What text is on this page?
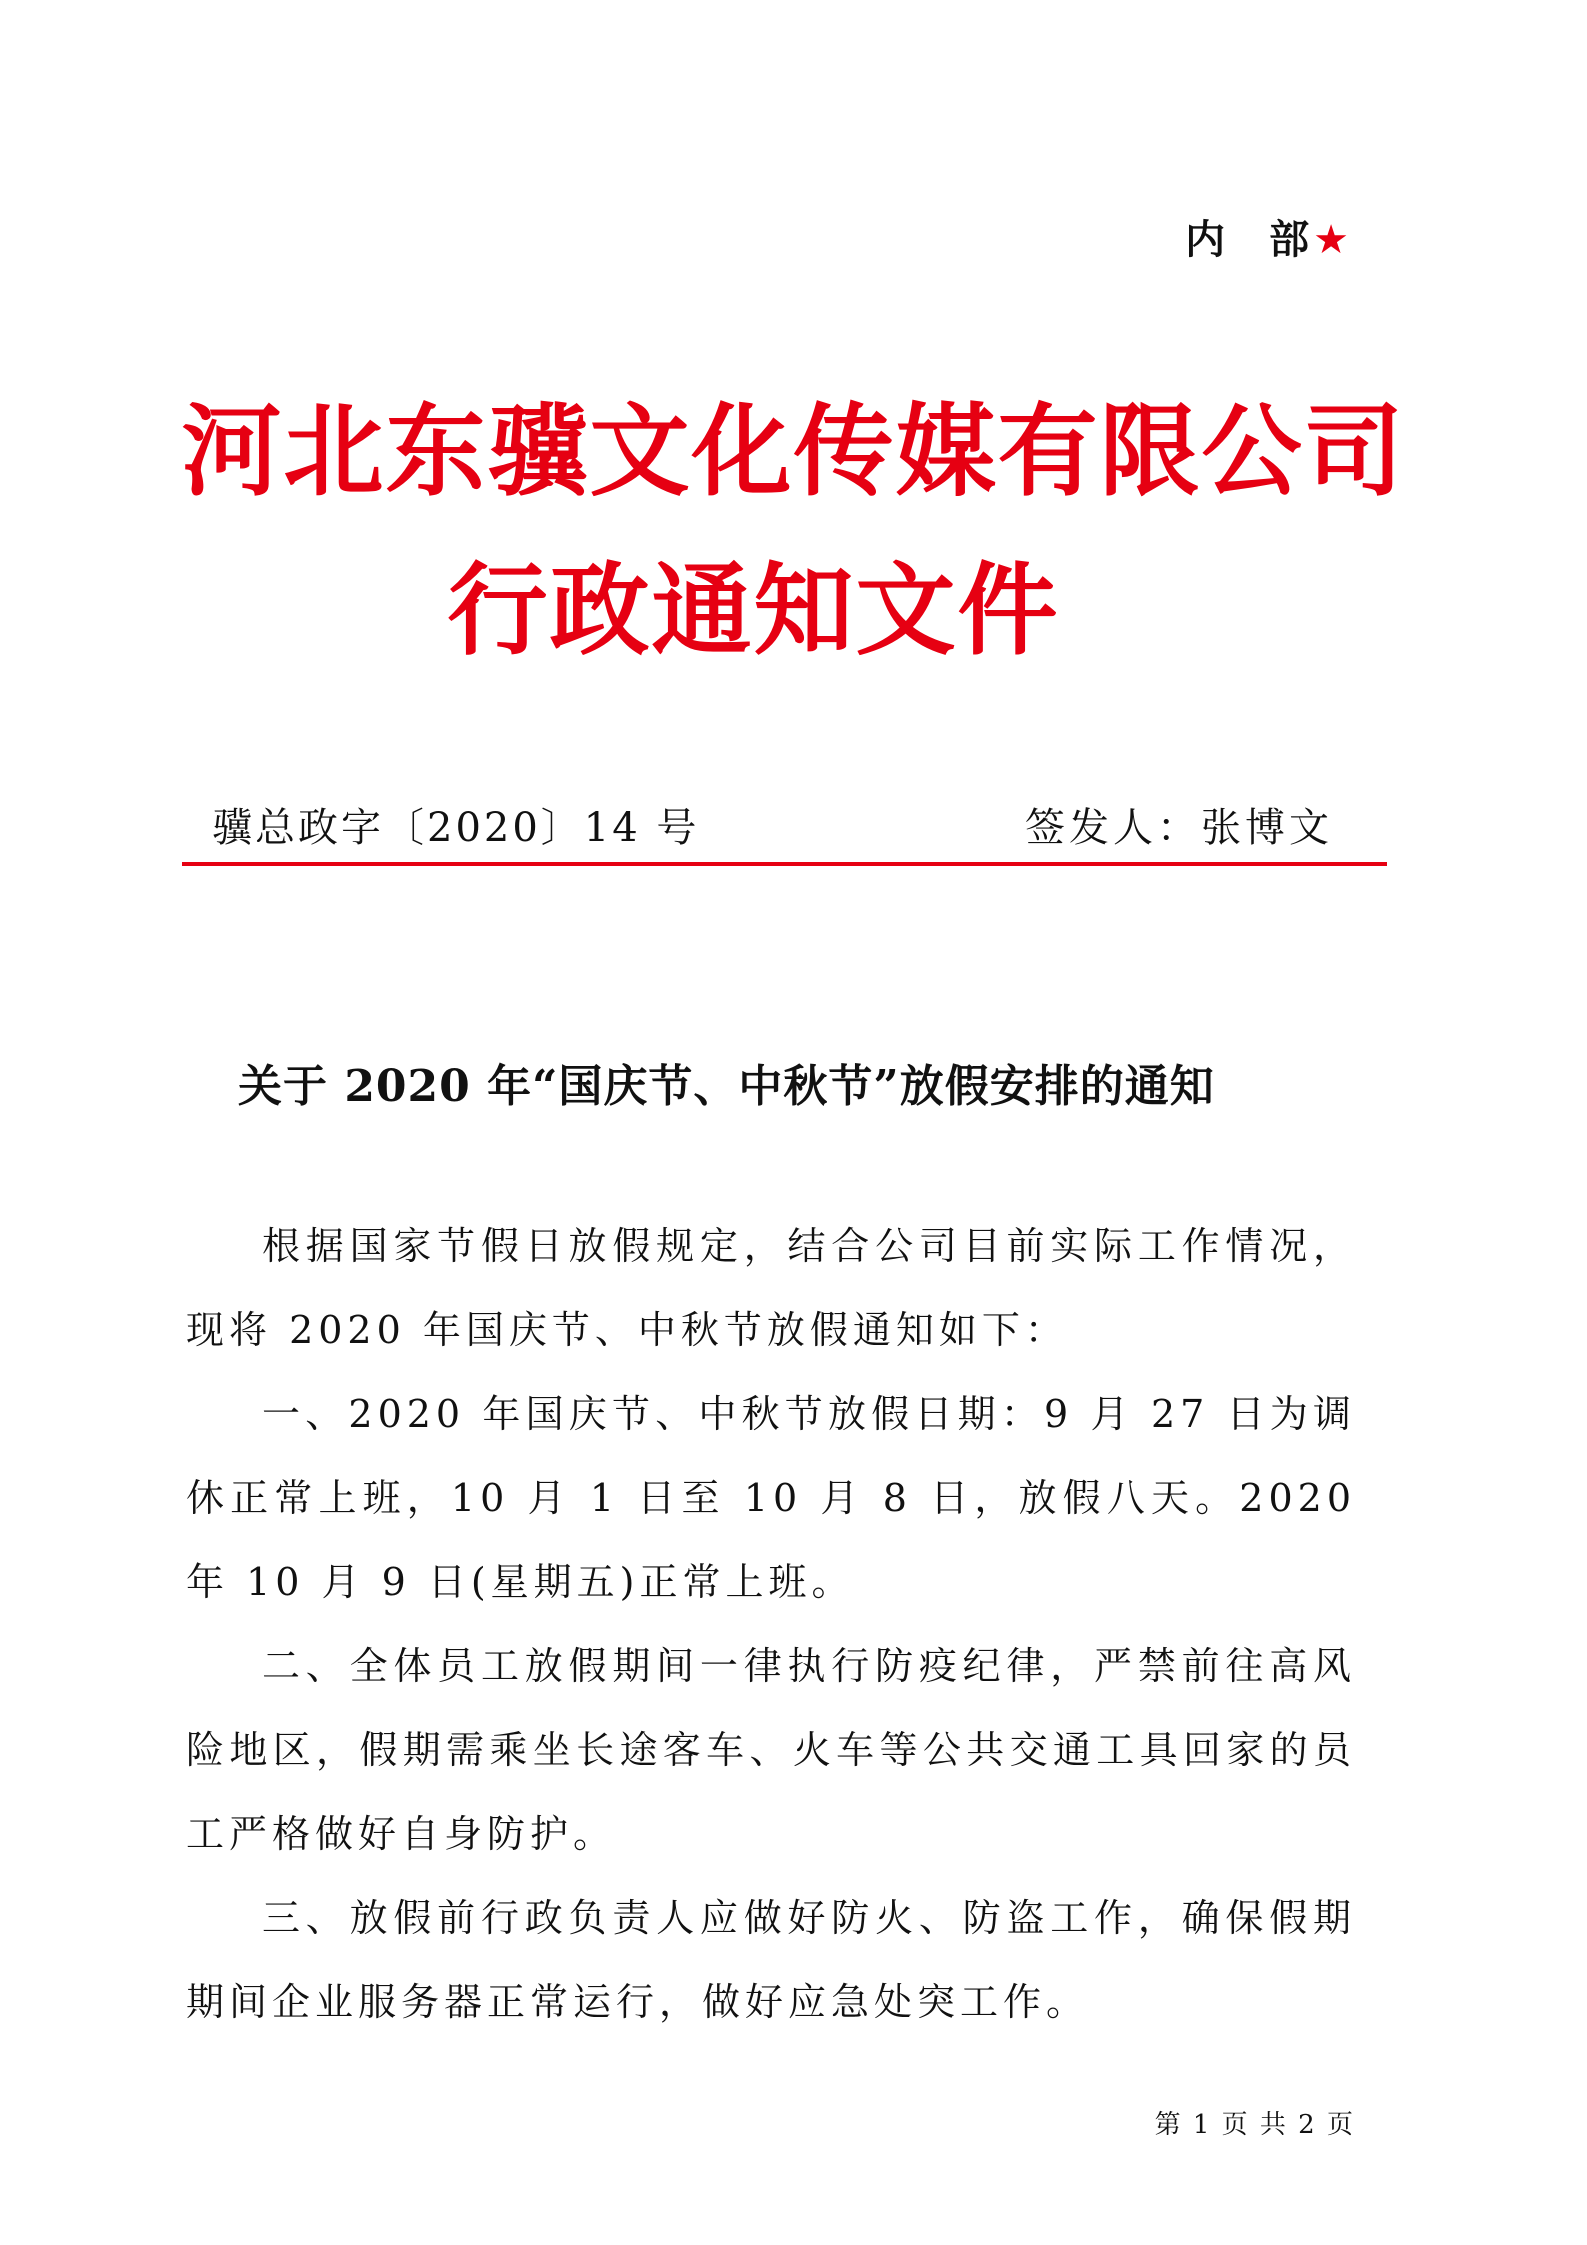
内　部★
河北东骥文化传媒有限公司
行政通知文件
骥总政字〔2020〕14 号	签发人：张博文
关于 2020 年“国庆节、中秋节”放假安排的通知

根据国家节假日放假规定，结合公司目前实际工作情况，现将 2020 年国庆节、中秋节放假通知如下：

一、2020 年国庆节、中秋节放假日期：9 月 27 日为调休正常上班，10 月 1 日至 10 月 8 日，放假八天。2020 年 10 月 9 日(星期五)正常上班。

二、全体员工放假期间一律执行防疫纪律，严禁前往高风险地区，假期需乘坐长途客车、火车等公共交通工具回家的员工严格做好自身防护。

三、放假前行政负责人应做好防火、防盗工作，确保假期期间企业服务器正常运行，做好应急处突工作。

第 1 页 共 2 页
